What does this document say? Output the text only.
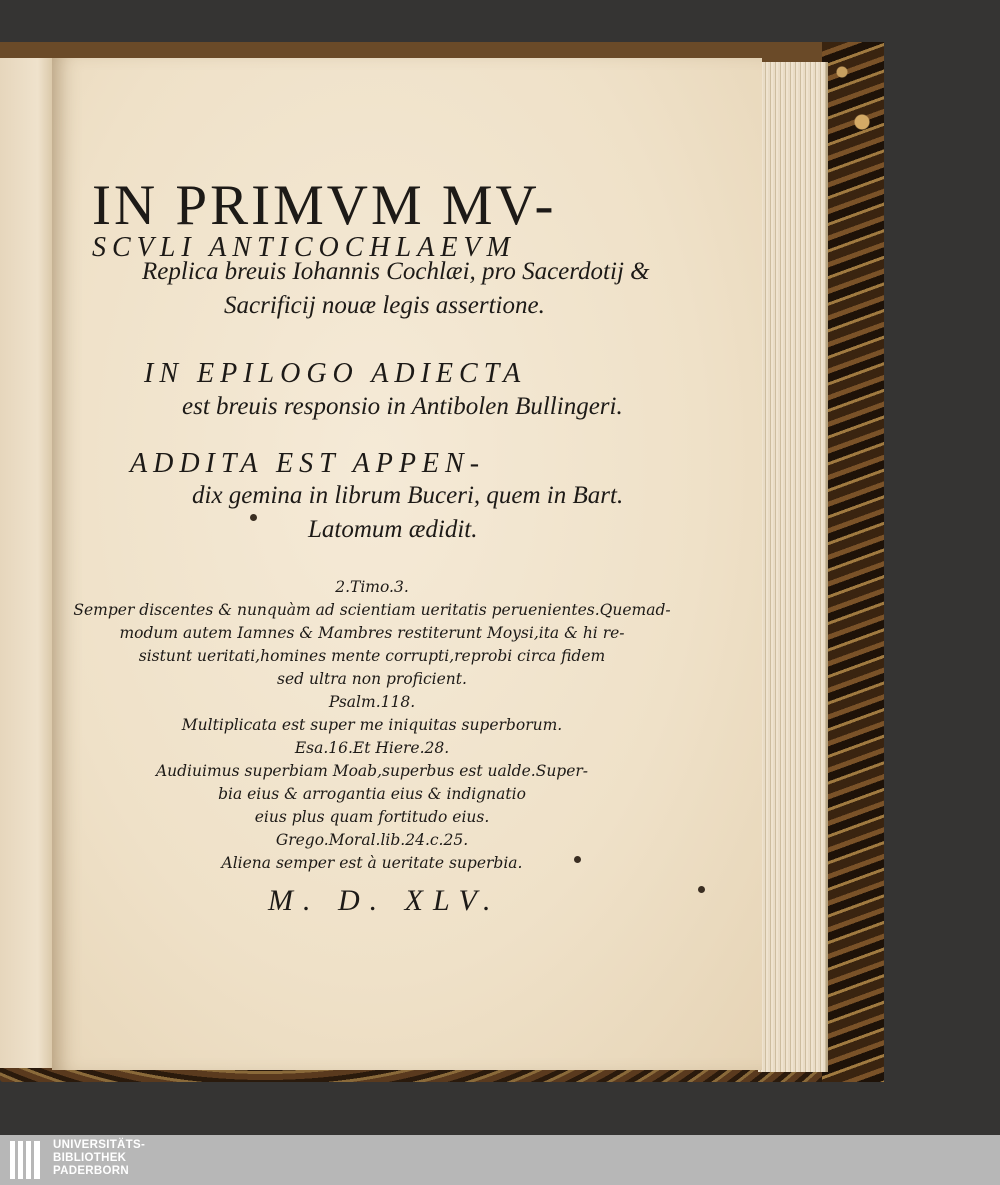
IN PRIMVM MV-
SCVLI ANTICOCHLAEVM
Replica breuis Iohannis Cochlæi, pro Sacerdotij &
Sacrificij nouæ legis assertione.
IN EPILOGO ADIECTA
est breuis responsio in Antibolen Bullingeri.
ADDITA EST APPEN-
dix gemina in librum Buceri, quem in Bart.
Latomum ædidit.
2.Timo.3.
Semper discentes & nunquàm ad scientiam ueritatis peruenientes.Quemad-
modum autem Iamnes & Mambres restiterunt Moysi,ita & hi re-
sistunt ueritati,homines mente corrupti,reprobi circa fidem
sed ultra non proficient.
Psalm.118.
Multiplicata est super me iniquitas superborum.
Esa.16.Et Hiere.28.
Audiuimus superbiam Moab,superbus est ualde.Super-
bia eius & arrogantia eius & indignatio
eius plus quam fortitudo eius.
Grego.Moral.lib.24.c.25.
Aliena semper est à ueritate superbia.
M. D. XLV.
UNIVERSITÄTS-
BIBLIOTHEK
PADERBORN
